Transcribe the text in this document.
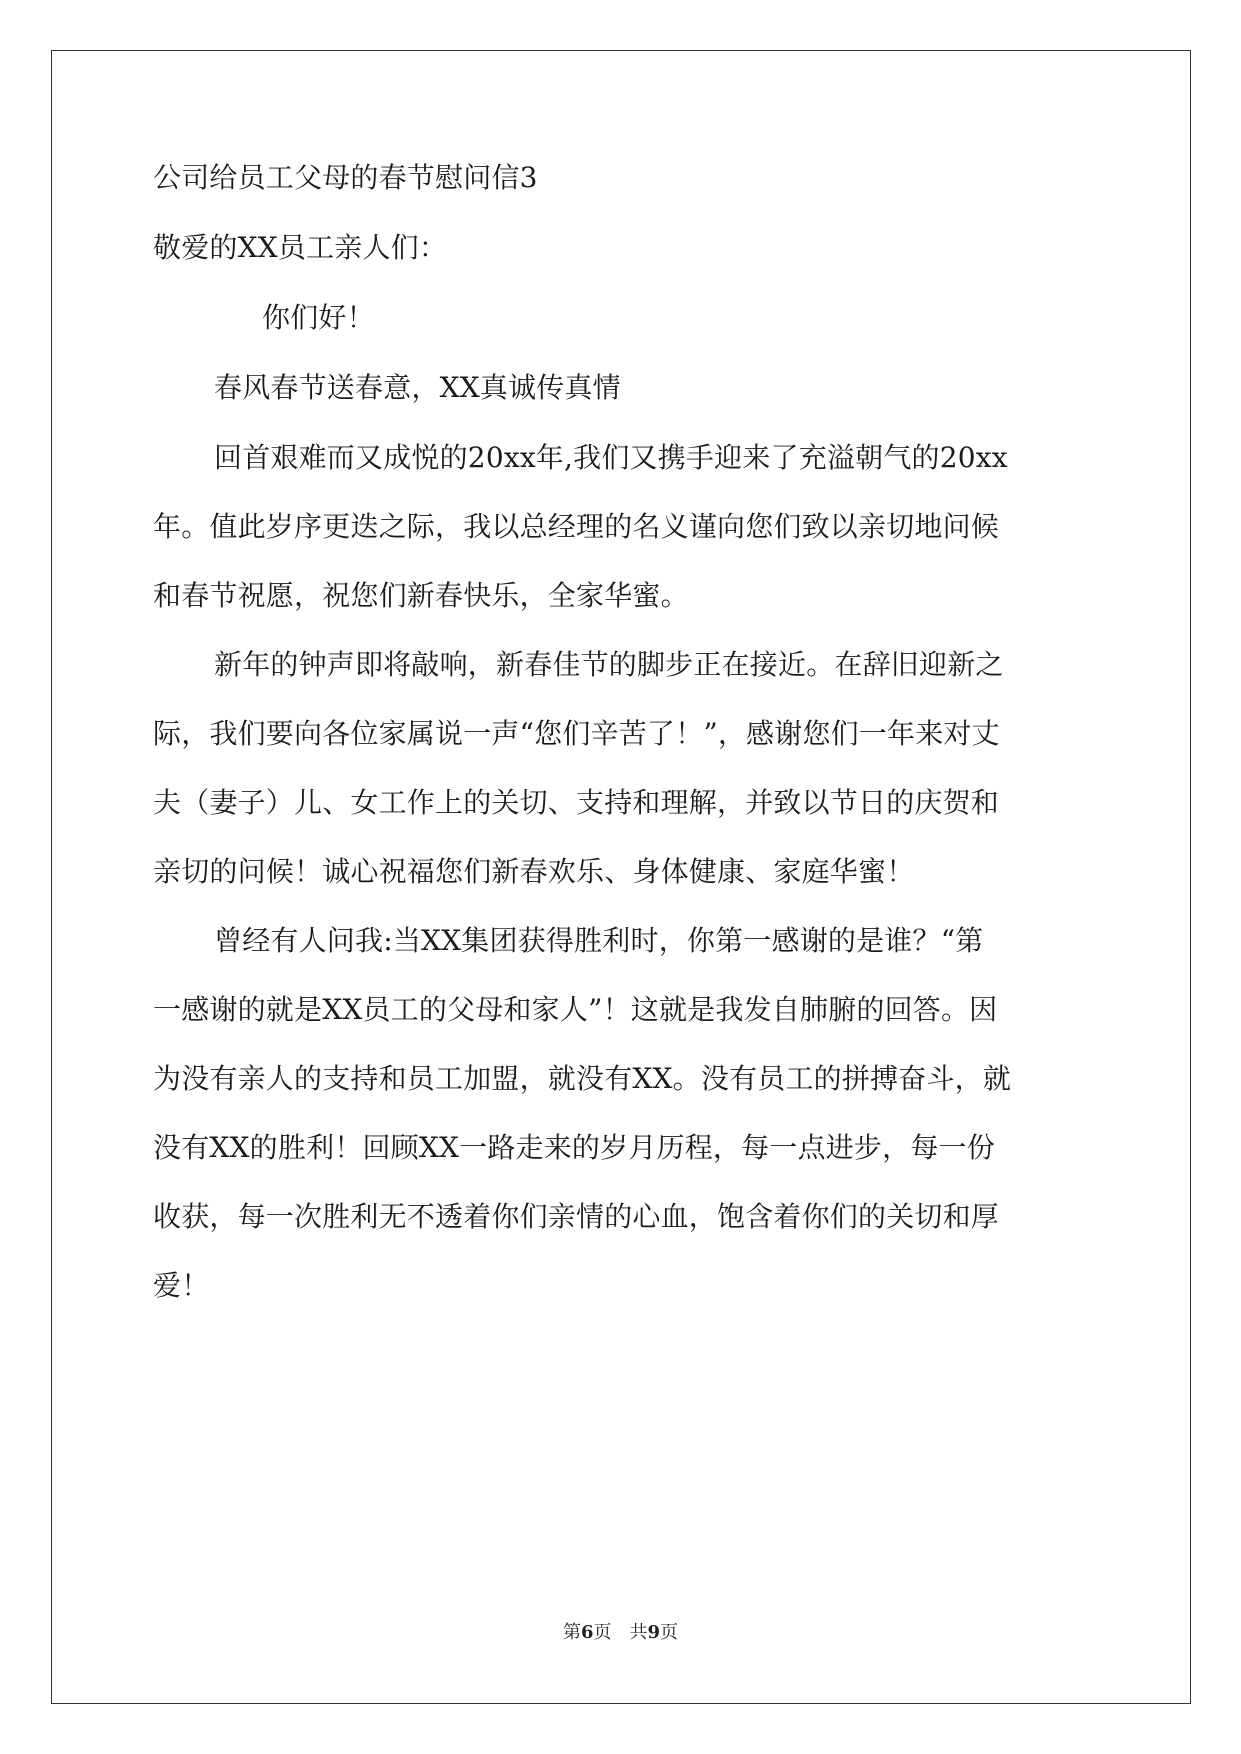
公司给员工父母的春节慰问信3
敬爱的XX员工亲人们：
你们好！
春风春节送春意，XX真诚传真情
回首艰难而又成悦的20xx年,我们又携手迎来了充溢朝气的20xx
年。值此岁序更迭之际，我以总经理的名义谨向您们致以亲切地问候
和春节祝愿，祝您们新春快乐，全家华蜜。
新年的钟声即将敲响，新春佳节的脚步正在接近。在辞旧迎新之
际，我们要向各位家属说一声“您们辛苦了！”，感谢您们一年来对丈
夫（妻子）儿、女工作上的关切、支持和理解，并致以节日的庆贺和
亲切的问候！诚心祝福您们新春欢乐、身体健康、家庭华蜜！
曾经有人问我:当XX集团获得胜利时，你第一感谢的是谁？“第
一感谢的就是XX员工的父母和家人”！这就是我发自肺腑的回答。因
为没有亲人的支持和员工加盟，就没有XX。没有员工的拼搏奋斗，就
没有XX的胜利！回顾XX一路走来的岁月历程，每一点进步，每一份
收获，每一次胜利无不透着你们亲情的心血，饱含着你们的关切和厚
爱！
第6页　共9页
